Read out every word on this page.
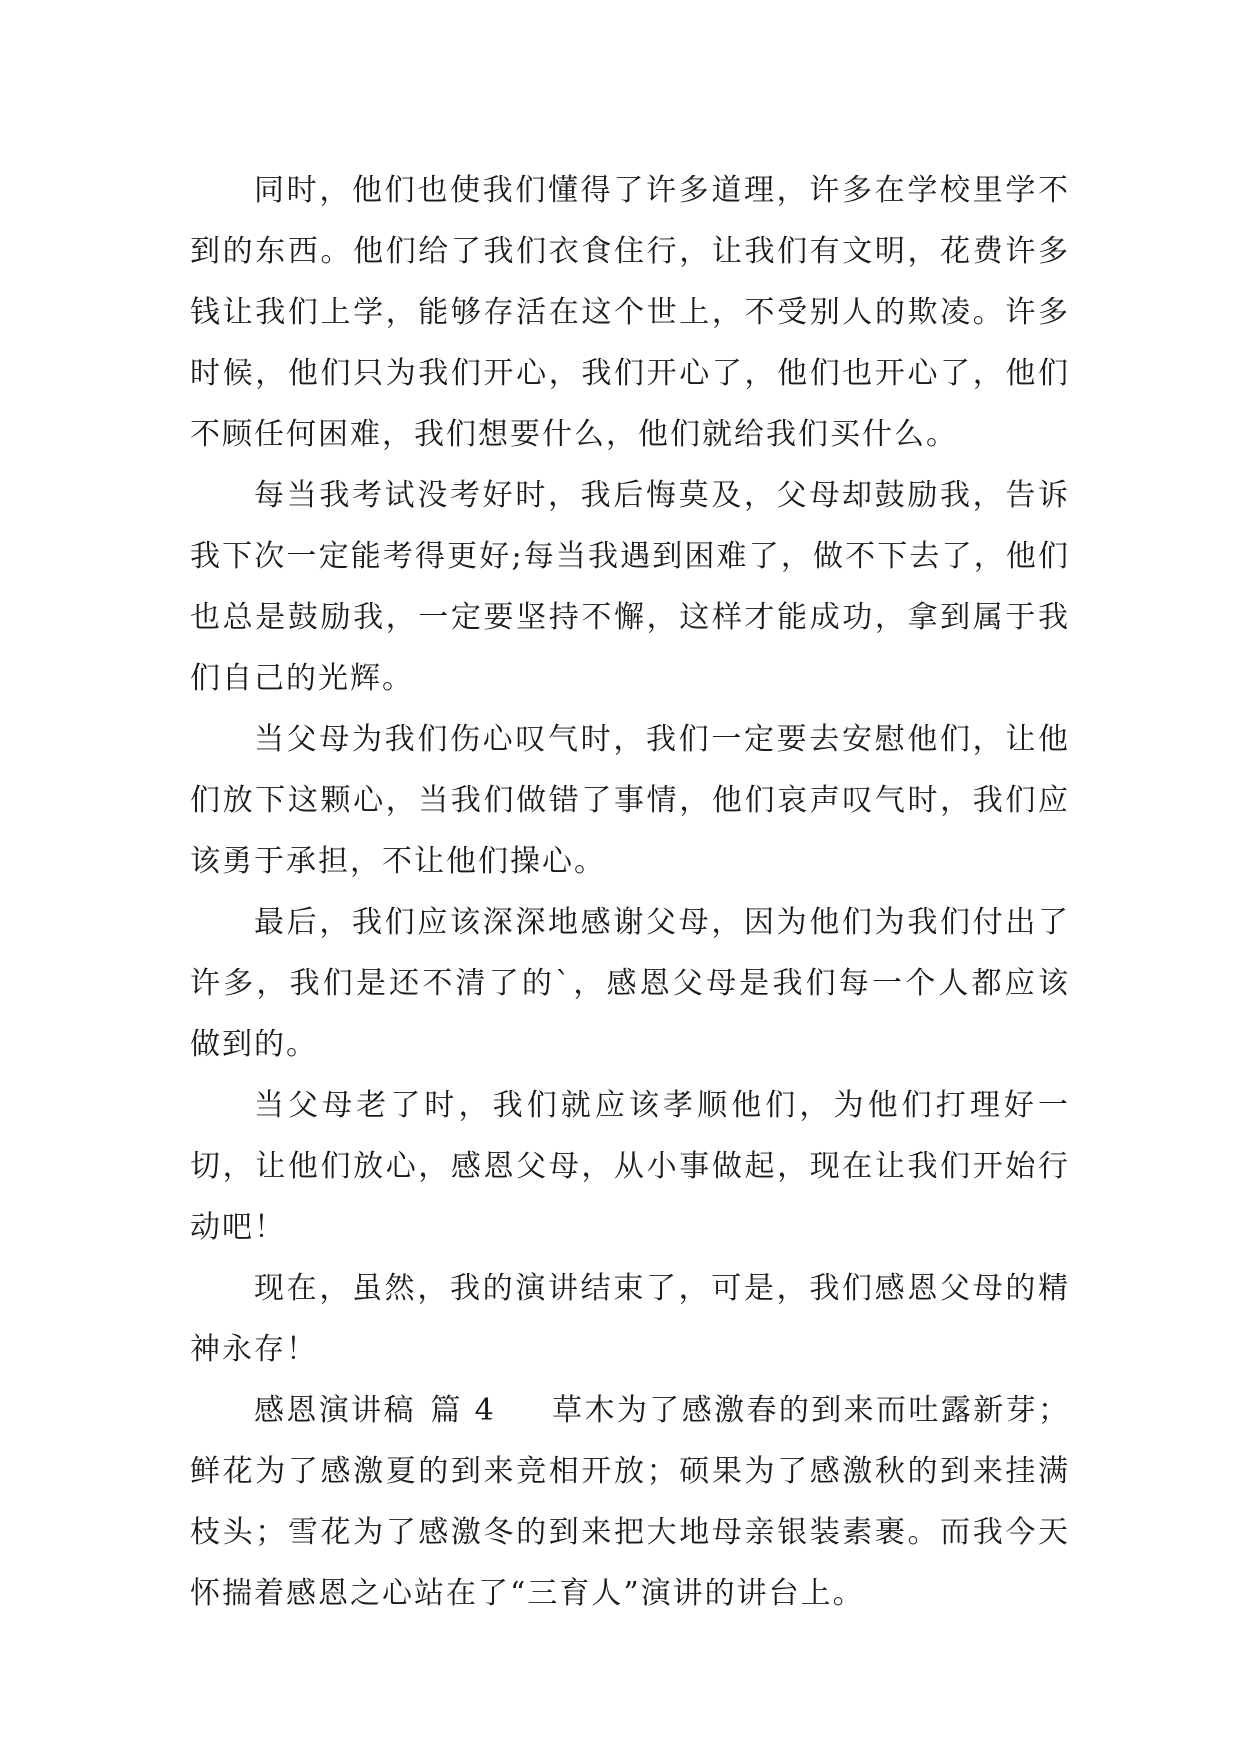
同时，他们也使我们懂得了许多道理，许多在学校里学不到的东西。他们给了我们衣食住行，让我们有文明，花费许多钱让我们上学，能够存活在这个世上，不受别人的欺凌。许多时候，他们只为我们开心，我们开心了，他们也开心了，他们不顾任何困难，我们想要什么，他们就给我们买什么。

每当我考试没考好时，我后悔莫及，父母却鼓励我，告诉我下次一定能考得更好;每当我遇到困难了，做不下去了，他们也总是鼓励我，一定要坚持不懈，这样才能成功，拿到属于我们自己的光辉。

当父母为我们伤心叹气时，我们一定要去安慰他们，让他们放下这颗心，当我们做错了事情，他们哀声叹气时，我们应该勇于承担，不让他们操心。

最后，我们应该深深地感谢父母，因为他们为我们付出了许多，我们是还不清了的`，感恩父母是我们每一个人都应该做到的。

当父母老了时，我们就应该孝顺他们，为他们打理好一切，让他们放心，感恩父母，从小事做起，现在让我们开始行动吧！

现在，虽然，我的演讲结束了，可是，我们感恩父母的精神永存！

感恩演讲稿 篇 4 草木为了感激春的到来而吐露新芽；鲜花为了感激夏的到来竞相开放；硕果为了感激秋的到来挂满枝头；雪花为了感激冬的到来把大地母亲银装素裹。而我今天怀揣着感恩之心站在了“三育人”演讲的讲台上。
